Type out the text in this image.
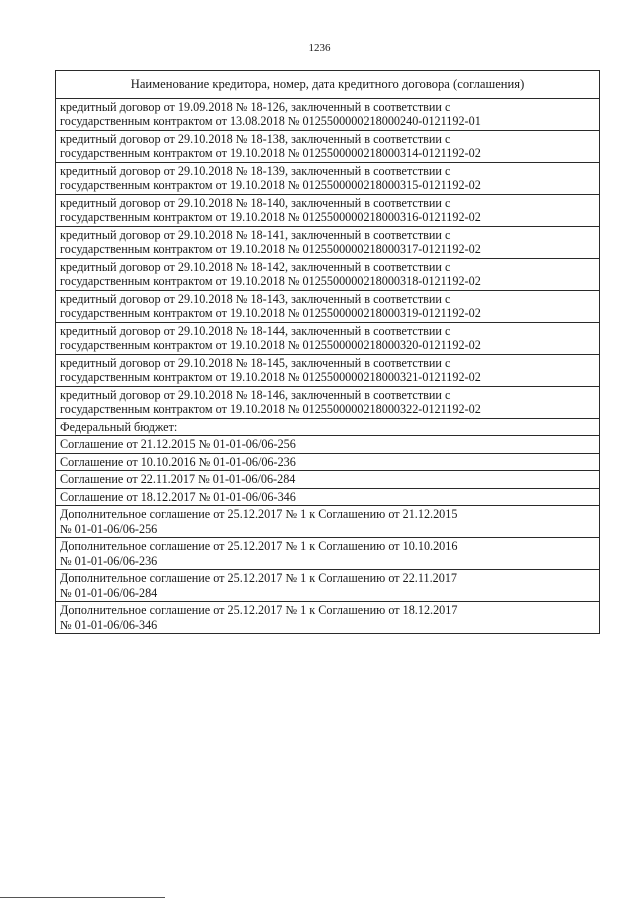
1236
Наименование кредитора, номер, дата кредитного договора (соглашения)

кредитный договор от 19.09.2018 № 18-126, заключенный в соответствии с
государственным контрактом от 13.08.2018 № 0125500000218000240-0121192-01

кредитный договор от 29.10.2018 № 18-138, заключенный в соответствии с
государственным контрактом от 19.10.2018 № 0125500000218000314-0121192-02

кредитный договор от 29.10.2018 № 18-139, заключенный в соответствии с
государственным контрактом от 19.10.2018 № 0125500000218000315-0121192-02

кредитный договор от 29.10.2018 № 18-140, заключенный в соответствии с
государственным контрактом от 19.10.2018 № 0125500000218000316-0121192-02

кредитный договор от 29.10.2018 № 18-141, заключенный в соответствии с
государственным контрактом от 19.10.2018 № 0125500000218000317-0121192-02

кредитный договор от 29.10.2018 № 18-142, заключенный в соответствии с
государственным контрактом от 19.10.2018 № 0125500000218000318-0121192-02

кредитный договор от 29.10.2018 № 18-143, заключенный в соответствии с
государственным контрактом от 19.10.2018 № 0125500000218000319-0121192-02

кредитный договор от 29.10.2018 № 18-144, заключенный в соответствии с
государственным контрактом от 19.10.2018 № 0125500000218000320-0121192-02

кредитный договор от 29.10.2018 № 18-145, заключенный в соответствии с
государственным контрактом от 19.10.2018 № 0125500000218000321-0121192-02

кредитный договор от 29.10.2018 № 18-146, заключенный в соответствии с
государственным контрактом от 19.10.2018 № 0125500000218000322-0121192-02

Федеральный бюджет:

Соглашение от 21.12.2015 № 01-01-06/06-256

Соглашение от 10.10.2016 № 01-01-06/06-236

Соглашение от 22.11.2017 № 01-01-06/06-284

Соглашение от 18.12.2017 № 01-01-06/06-346

Дополнительное соглашение от 25.12.2017 № 1 к Соглашению от 21.12.2015
№ 01-01-06/06-256

Дополнительное соглашение от 25.12.2017 № 1 к Соглашению от 10.10.2016
№ 01-01-06/06-236

Дополнительное соглашение от 25.12.2017 № 1 к Соглашению от 22.11.2017
№ 01-01-06/06-284

Дополнительное соглашение от 25.12.2017 № 1 к Соглашению от 18.12.2017
№ 01-01-06/06-346
